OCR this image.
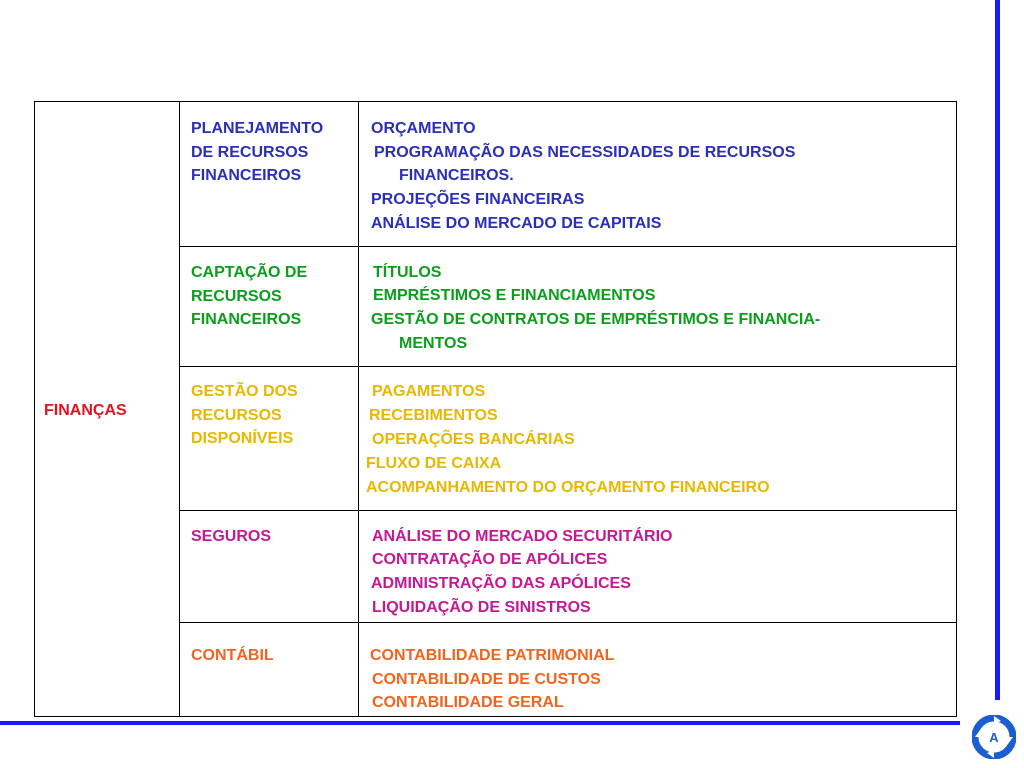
FINANÇAS
PLANEJAMENTO
DE RECURSOS
FINANCEIROS
ORÇAMENTO
PROGRAMAÇÃO DAS NECESSIDADES DE RECURSOS
FINANCEIROS.
PROJEÇÕES FINANCEIRAS
ANÁLISE DO MERCADO DE CAPITAIS
CAPTAÇÃO DE
RECURSOS
FINANCEIROS
TÍTULOS
EMPRÉSTIMOS E FINANCIAMENTOS
GESTÃO DE CONTRATOS DE EMPRÉSTIMOS E FINANCIA-
MENTOS
GESTÃO DOS
RECURSOS
DISPONÍVEIS
PAGAMENTOS
RECEBIMENTOS
OPERAÇÕES BANCÁRIAS
FLUXO DE CAIXA
ACOMPANHAMENTO DO ORÇAMENTO FINANCEIRO
SEGUROS	ANÁLISE DO MERCADO SECURITÁRIO
CONTRATAÇÃO DE APÓLICES
ADMINISTRAÇÃO DAS APÓLICES
LIQUIDAÇÃO DE SINISTROS
CONTÁBIL	CONTABILIDADE PATRIMONIAL
CONTABILIDADE DE CUSTOS
CONTABILIDADE GERAL
A
